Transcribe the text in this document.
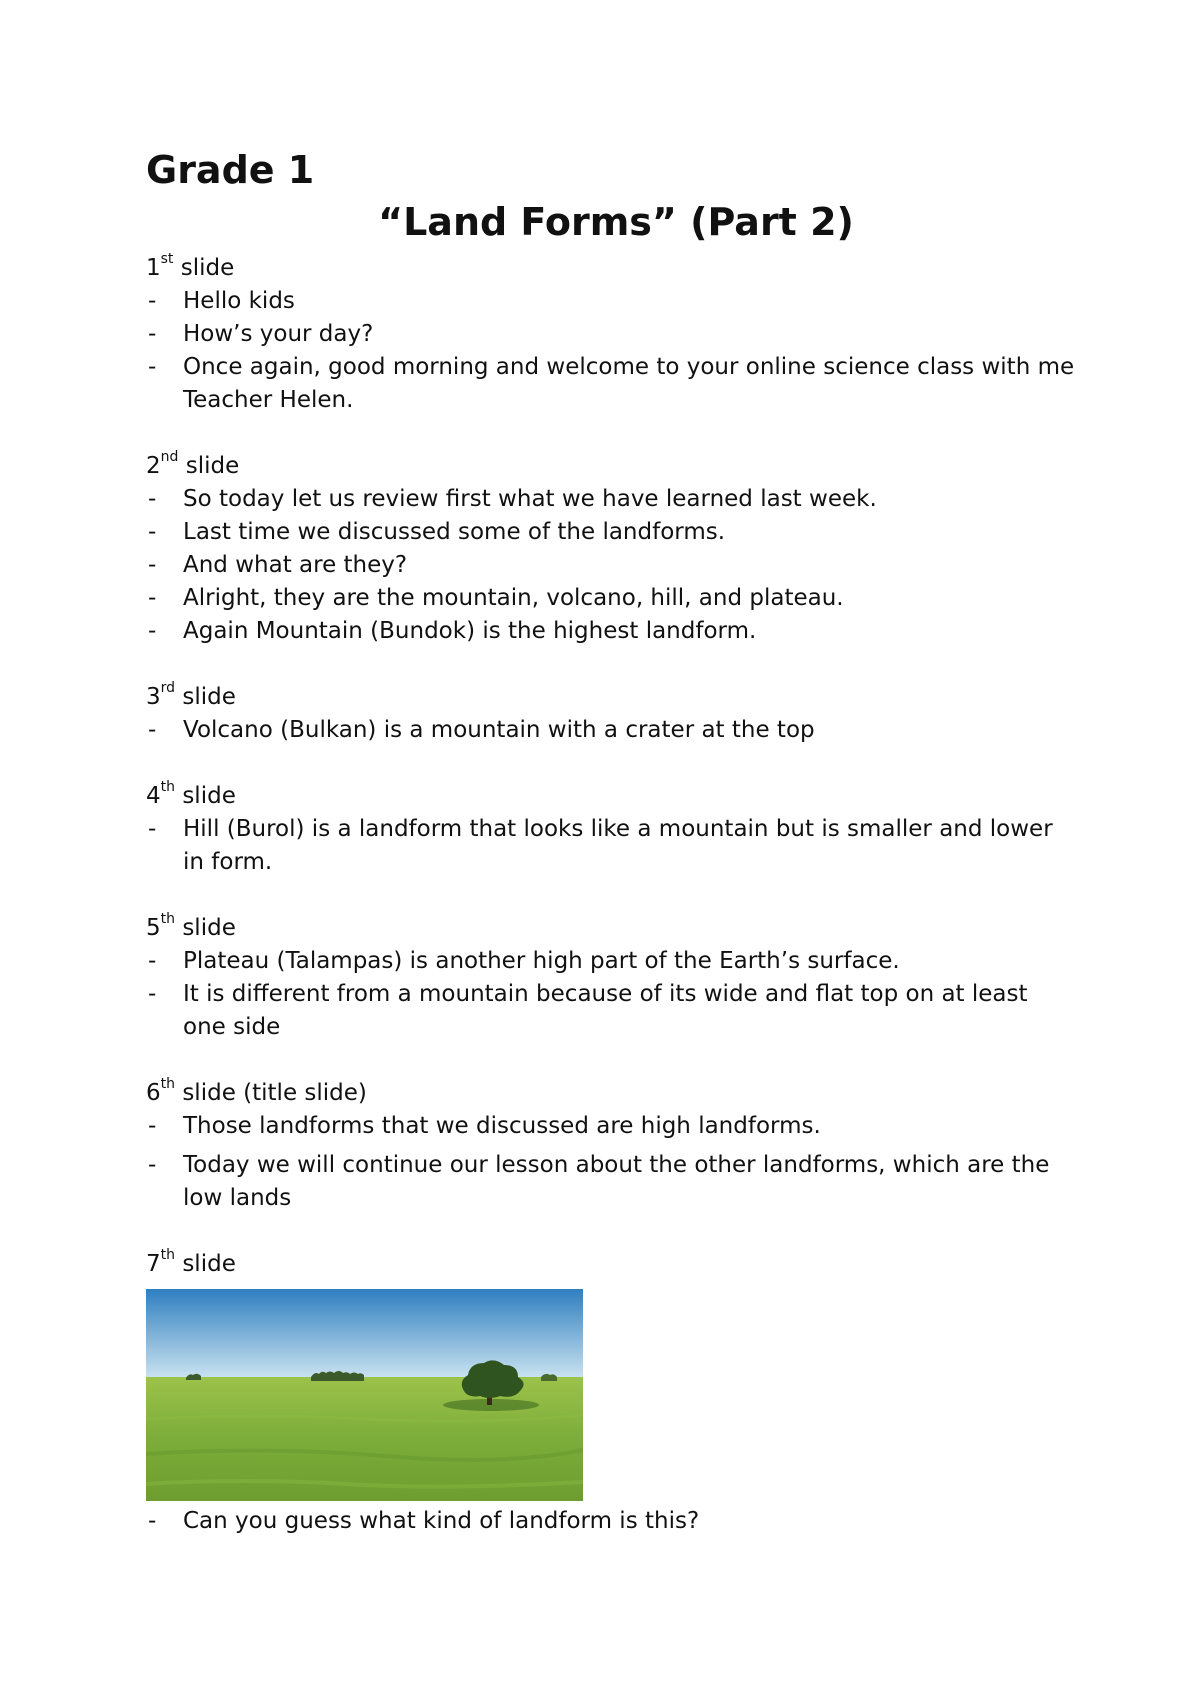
Grade 1
“Land Forms” (Part 2)

1st slide

- Hello kids
- How’s your day?
- Once again, good morning and welcome to your online science class with me Teacher Helen.

2nd slide

- So today let us review first what we have learned last week.
- Last time we discussed some of the landforms.
- And what are they?
- Alright, they are the mountain, volcano, hill, and plateau.
- Again Mountain (Bundok) is the highest landform.

3rd slide

- Volcano (Bulkan) is a mountain with a crater at the top

4th slide

- Hill (Burol) is a landform that looks like a mountain but is smaller and lower in form.

5th slide

- Plateau (Talampas) is another high part of the Earth’s surface.
- It is different from a mountain because of its wide and flat top on at least one side

6th slide (title slide)

- Those landforms that we discussed are high landforms.
- Today we will continue our lesson about the other landforms, which are the low lands

7th slide

- Can you guess what kind of landform is this?
